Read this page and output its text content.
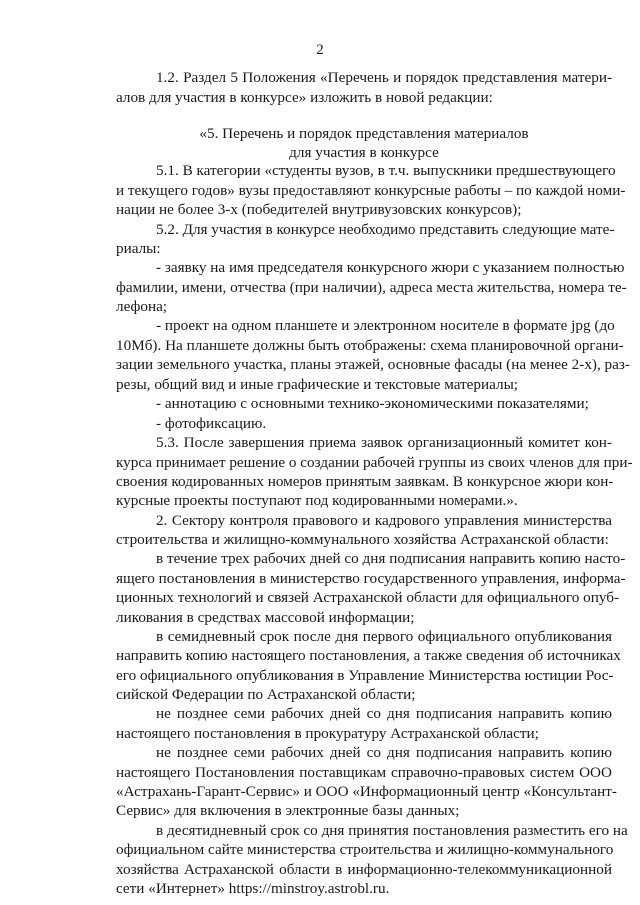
2
1.2. Раздел 5 Положения «Перечень и порядок представления матери-
алов для участия в конкурсе» изложить в новой редакции:
«5. Перечень и порядок представления материалов
для участия в конкурсе
5.1. В категории «студенты вузов, в т.ч. выпускники предшествующего
и текущего годов» вузы предоставляют конкурсные работы – по каждой номи-
нации не более 3-х (победителей внутривузовских конкурсов);
5.2. Для участия в конкурсе необходимо представить следующие мате-
риалы:
- заявку на имя председателя конкурсного жюри с указанием полностью
фамилии, имени, отчества (при наличии), адреса места жительства, номера те-
лефона;
- проект на одном планшете и электронном носителе в формате jpg (до
10Мб). На планшете должны быть отображены: схема планировочной органи-
зации земельного участка, планы этажей, основные фасады (на менее 2-х), раз-
резы, общий вид и иные графические и текстовые материалы;
- аннотацию с основными технико-экономическими показателями;
- фотофиксацию.
5.3. После завершения приема заявок организационный комитет кон-
курса принимает решение о создании рабочей группы из своих членов для при-
своения кодированных номеров принятым заявкам. В конкурсное жюри кон-
курсные проекты поступают под кодированными номерами.».
2. Сектору контроля правового и кадрового управления министерства
строительства и жилищно-коммунального хозяйства Астраханской области:
в течение трех рабочих дней со дня подписания направить копию насто-
ящего постановления в министерство государственного управления, информа-
ционных технологий и связей Астраханской области для официального опуб-
ликования в средствах массовой информации;
в семидневный срок после дня первого официального опубликования
направить копию настоящего постановления, а также сведения об источниках
его официального опубликования в Управление Министерства юстиции Рос-
сийской Федерации по Астраханской области;
не позднее семи рабочих дней со дня подписания направить копию
настоящего постановления в прокуратуру Астраханской области;
не позднее семи рабочих дней со дня подписания направить копию
настоящего Постановления поставщикам справочно-правовых систем ООО
«Астрахань-Гарант-Сервис» и ООО «Информационный центр «Консультант-
Сервис» для включения в электронные базы данных;
в десятидневный срок со дня принятия постановления разместить его на
официальном сайте министерства строительства и жилищно-коммунального
хозяйства Астраханской области в информационно-телекоммуникационной
сети «Интернет» https://minstroy.astrobl.ru.
